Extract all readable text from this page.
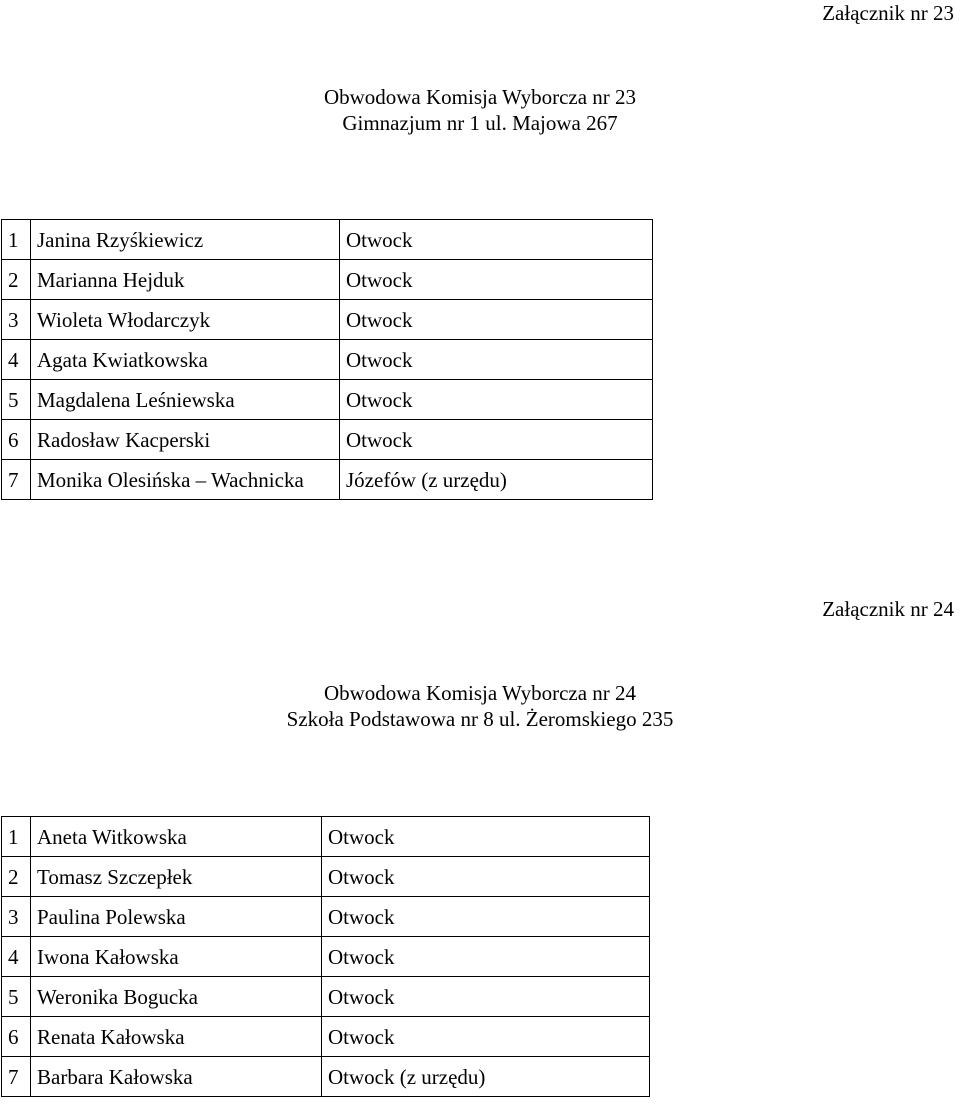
Załącznik nr 23
Obwodowa Komisja Wyborcza nr 23
Gimnazjum nr 1 ul. Majowa 267
1	Janina Rzyśkiewicz	Otwock
2	Marianna Hejduk	Otwock
3	Wioleta Włodarczyk	Otwock
4	Agata Kwiatkowska	Otwock
5	Magdalena Leśniewska	Otwock
6	Radosław Kacperski	Otwock
7	Monika Olesińska – Wachnicka	Józefów (z urzędu)
Załącznik nr 24
Obwodowa Komisja Wyborcza nr 24
Szkoła Podstawowa nr 8 ul. Żeromskiego 235
1	Aneta Witkowska	Otwock
2	Tomasz Szczepłek	Otwock
3	Paulina Polewska	Otwock
4	Iwona Kałowska	Otwock
5	Weronika Bogucka	Otwock
6	Renata Kałowska	Otwock
7	Barbara Kałowska	Otwock (z urzędu)
